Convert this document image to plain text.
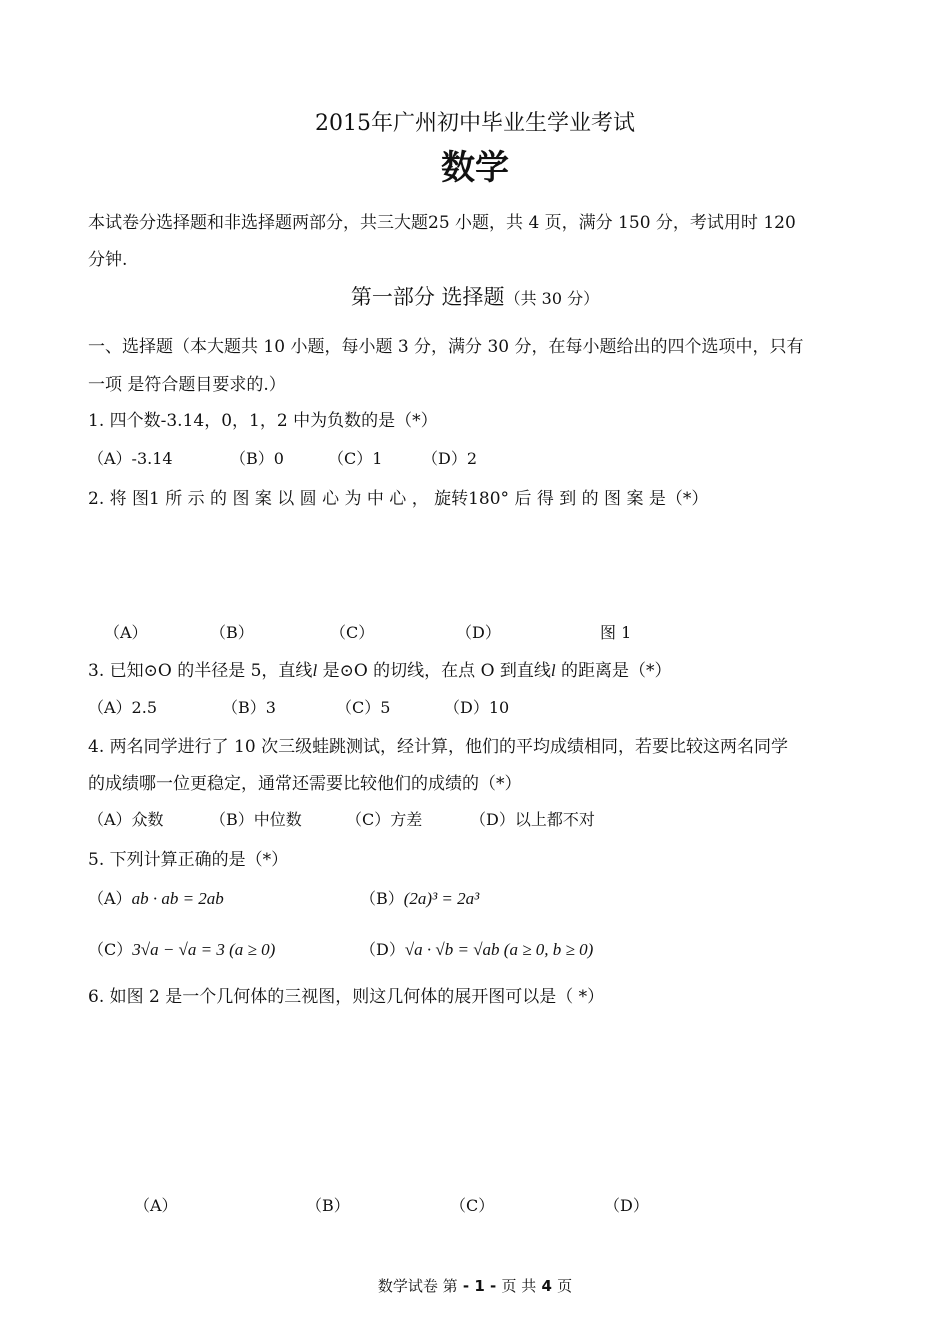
2015年广州初中毕业生学业考试
数学
本试卷分选择题和非选择题两部分，共三大题25 小题，共 4 页，满分 150 分，考试用时 120
分钟.
第一部分 选择题（共 30 分）
一、选择题（本大题共 10 小题，每小题 3 分，满分 30 分，在每小题给出的四个选项中，只有
一项 是符合题目要求的.）
1. 四个数-3.14，0，1，2 中为负数的是（*）
（A）-3.14	（B）0	（C）1 （D）2
2. 将 图1 所 示 的 图 案 以 圆 心 为 中 心 ， 旋转180° 后 得 到 的 图 案 是（*）
（A）	（B）	（C）	（D）	图 1
3. 已知⊙O 的半径是 5，直线l 是⊙O 的切线，在点 O 到直线l 的距离是（*）
（A）2.5	（B）3	（C）5	（D）10
4. 两名同学进行了 10 次三级蛙跳测试，经计算，他们的平均成绩相同，若要比较这两名同学
的成绩哪一位更稳定，通常还需要比较他们的成绩的（*）
（A）众数	（B）中位数	（C）方差	（D）以上都不对
5. 下列计算正确的是（*）
（A）ab · ab = 2ab	（B）(2a)³ = 2a³
（C）3√a − √a = 3 (a ≥ 0)	（D）√a · √b = √ab (a ≥ 0, b ≥ 0)
6. 如图 2 是一个几何体的三视图，则这几何体的展开图可以是（ *）
（A）	（B）	（C）	（D）
数学试卷 第 - 1 - 页 共 4 页
